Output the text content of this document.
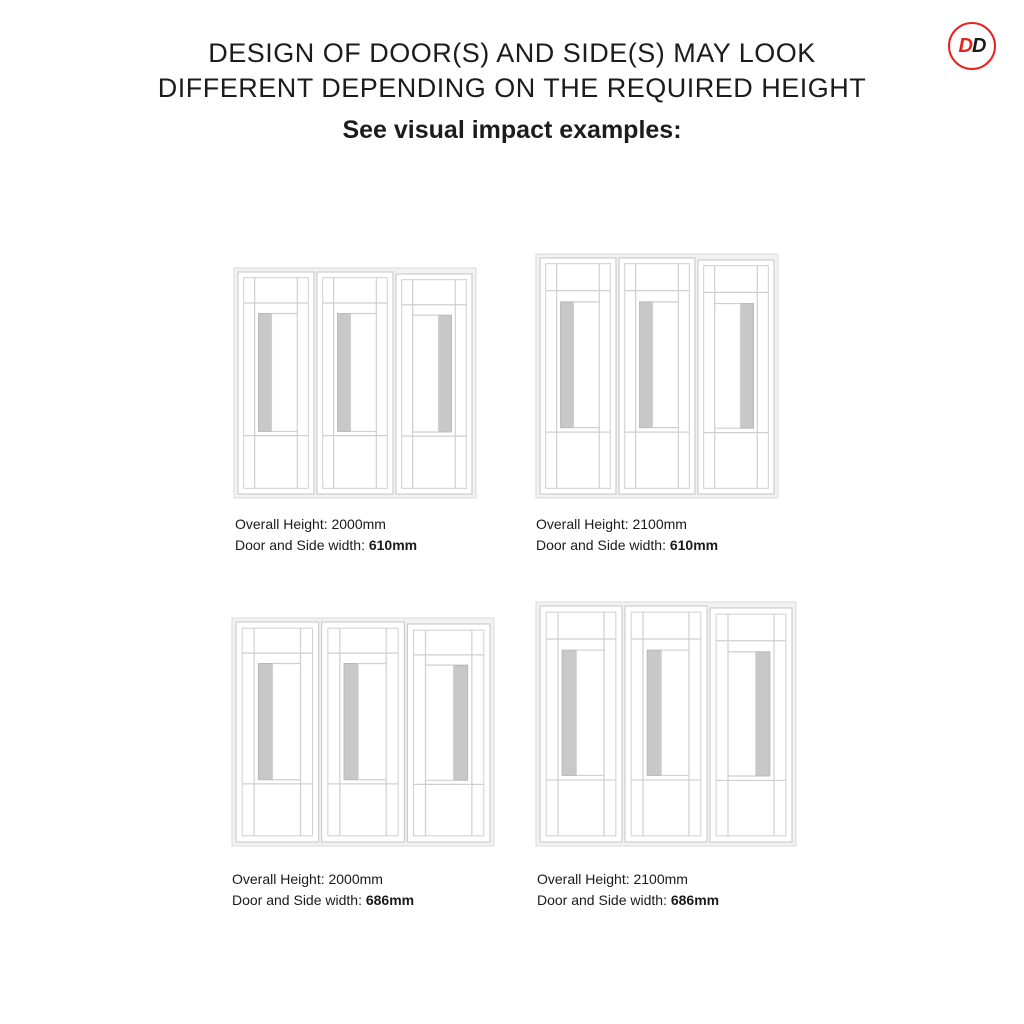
DESIGN OF DOOR(S) AND SIDE(S) MAY LOOK
DIFFERENT DEPENDING ON THE REQUIRED HEIGHT
See visual impact examples:
D D
Overall Height: 2000mm
Door and Side width: 610mm
Overall Height: 2100mm
Door and Side width: 610mm
Overall Height: 2000mm
Door and Side width: 686mm
Overall Height: 2100mm
Door and Side width: 686mm
